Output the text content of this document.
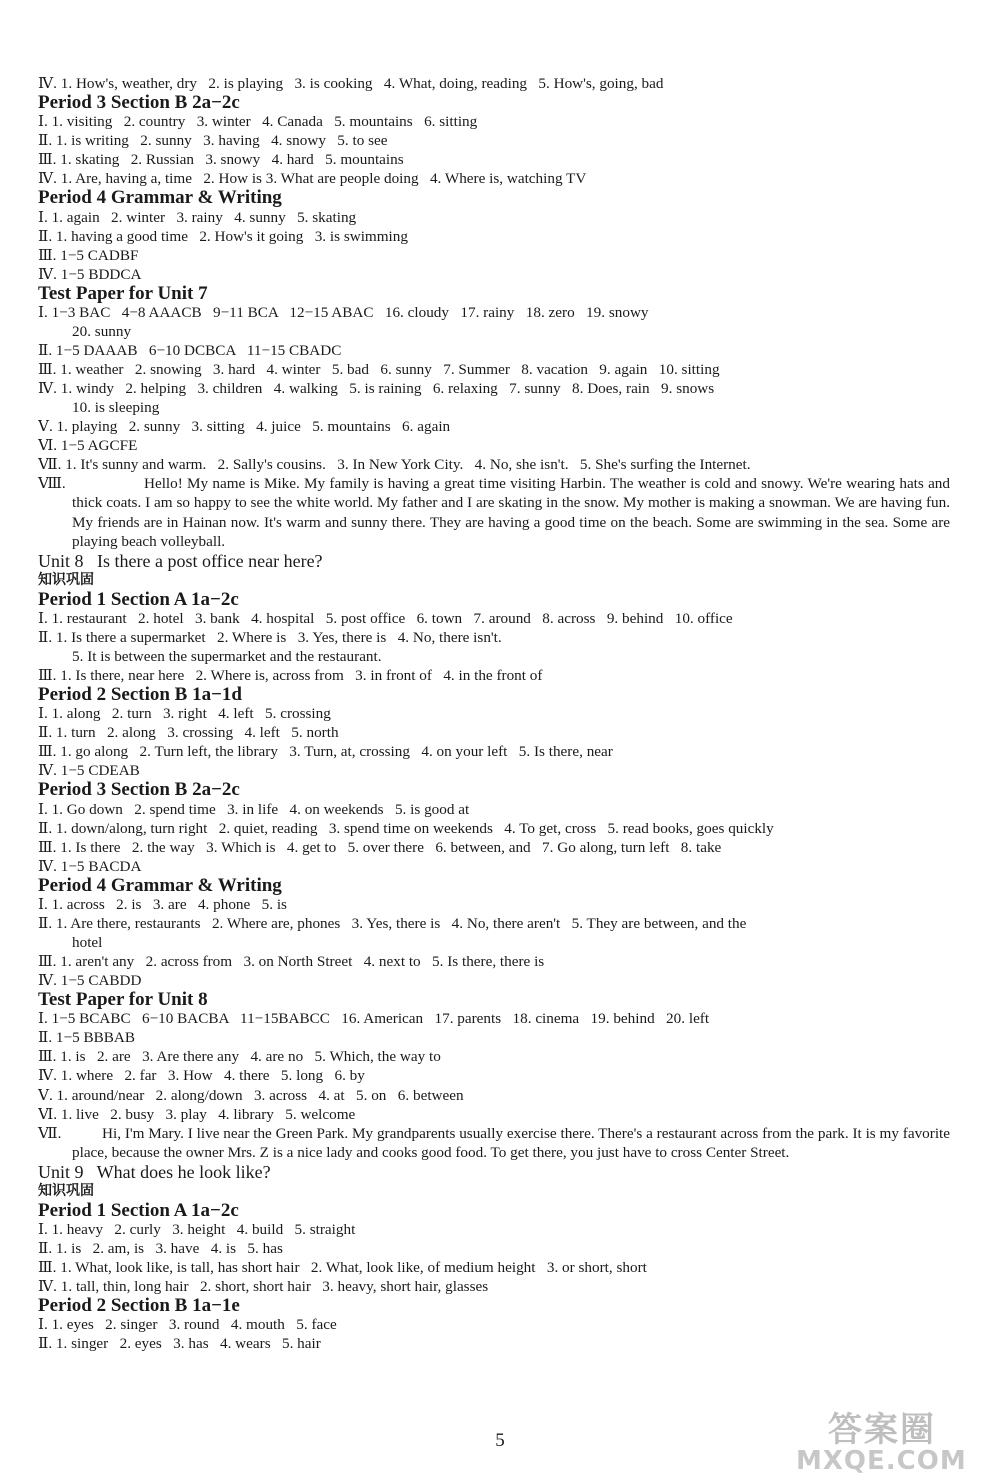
Ⅳ. 1. How's, weather, dry   2. is playing   3. is cooking   4. What, doing, reading   5. How's, going, bad
Period 3 Section B 2a−2c
Ⅰ. 1. visiting   2. country   3. winter   4. Canada   5. mountains   6. sitting
Ⅱ. 1. is writing   2. sunny   3. having   4. snowy   5. to see
Ⅲ. 1. skating   2. Russian   3. snowy   4. hard   5. mountains
Ⅳ. 1. Are, having a, time   2. How is 3. What are people doing   4. Where is, watching TV
Period 4 Grammar & Writing
Ⅰ. 1. again   2. winter   3. rainy   4. sunny   5. skating
Ⅱ. 1. having a good time   2. How's it going   3. is swimming
Ⅲ. 1−5 CADBF
Ⅳ. 1−5 BDDCA
Test Paper for Unit 7
Ⅰ. 1−3 BAC   4−8 AAACB   9−11 BCA   12−15 ABAC   16. cloudy   17. rainy   18. zero   19. snowy
20. sunny
Ⅱ. 1−5 DAAAB   6−10 DCBCA   11−15 CBADC
Ⅲ. 1. weather   2. snowing   3. hard   4. winter   5. bad   6. sunny   7. Summer   8. vacation   9. again   10. sitting
Ⅳ. 1. windy   2. helping   3. children   4. walking   5. is raining   6. relaxing   7. sunny   8. Does, rain   9. snows
10. is sleeping
Ⅴ. 1. playing   2. sunny   3. sitting   4. juice   5. mountains   6. again
Ⅵ. 1−5 AGCFE
Ⅶ. 1. It's sunny and warm.   2. Sally's cousins.   3. In New York City.   4. No, she isn't.   5. She's surfing the Internet.
Ⅷ.	Hello! My name is Mike. My family is having a great time visiting Harbin. The weather is cold and snowy. We're wearing hats and thick coats. I am so happy to see the white world. My father and I are skating in the snow. My mother is making a snowman. We are having fun. My friends are in Hainan now. It's warm and sunny there. They are having a good time on the beach. Some are swimming in the sea. Some are playing beach volleyball.
Unit 8   Is there a post office near here?
知识巩固
Period 1 Section A 1a−2c
Ⅰ. 1. restaurant   2. hotel   3. bank   4. hospital   5. post office   6. town   7. around   8. across   9. behind   10. office
Ⅱ. 1. Is there a supermarket   2. Where is   3. Yes, there is   4. No, there isn't.
5. It is between the supermarket and the restaurant.
Ⅲ. 1. Is there, near here   2. Where is, across from   3. in front of   4. in the front of
Period 2 Section B 1a−1d
Ⅰ. 1. along   2. turn   3. right   4. left   5. crossing
Ⅱ. 1. turn   2. along   3. crossing   4. left   5. north
Ⅲ. 1. go along   2. Turn left, the library   3. Turn, at, crossing   4. on your left   5. Is there, near
Ⅳ. 1−5 CDEAB
Period 3 Section B 2a−2c
Ⅰ. 1. Go down   2. spend time   3. in life   4. on weekends   5. is good at
Ⅱ. 1. down/along, turn right   2. quiet, reading   3. spend time on weekends   4. To get, cross   5. read books, goes quickly
Ⅲ. 1. Is there   2. the way   3. Which is   4. get to   5. over there   6. between, and   7. Go along, turn left   8. take
Ⅳ. 1−5 BACDA
Period 4 Grammar & Writing
Ⅰ. 1. across   2. is   3. are   4. phone   5. is
Ⅱ. 1. Are there, restaurants   2. Where are, phones   3. Yes, there is   4. No, there aren't   5. They are between, and the
hotel
Ⅲ. 1. aren't any   2. across from   3. on North Street   4. next to   5. Is there, there is
Ⅳ. 1−5 CABDD
Test Paper for Unit 8
Ⅰ. 1−5 BCABC   6−10 BACBA   11−15BABCC   16. American   17. parents   18. cinema   19. behind   20. left
Ⅱ. 1−5 BBBAB
Ⅲ. 1. is   2. are   3. Are there any   4. are no   5. Which, the way to
Ⅳ. 1. where   2. far   3. How   4. there   5. long   6. by
Ⅴ. 1. around/near   2. along/down   3. across   4. at   5. on   6. between
Ⅵ. 1. live   2. busy   3. play   4. library   5. welcome
Ⅶ.	Hi, I'm Mary. I live near the Green Park. My grandparents usually exercise there. There's a restaurant across from the park. It is my favorite place, because the owner Mrs. Z is a nice lady and cooks good food. To get there, you just have to cross Center Street.
Unit 9   What does he look like?
知识巩固
Period 1 Section A 1a−2c
Ⅰ. 1. heavy   2. curly   3. height   4. build   5. straight
Ⅱ. 1. is   2. am, is   3. have   4. is   5. has
Ⅲ. 1. What, look like, is tall, has short hair   2. What, look like, of medium height   3. or short, short
Ⅳ. 1. tall, thin, long hair   2. short, short hair   3. heavy, short hair, glasses
Period 2 Section B 1a−1e
Ⅰ. 1. eyes   2. singer   3. round   4. mouth   5. face
Ⅱ. 1. singer   2. eyes   3. has   4. wears   5. hair
5	答案圈
MXQE.COM
